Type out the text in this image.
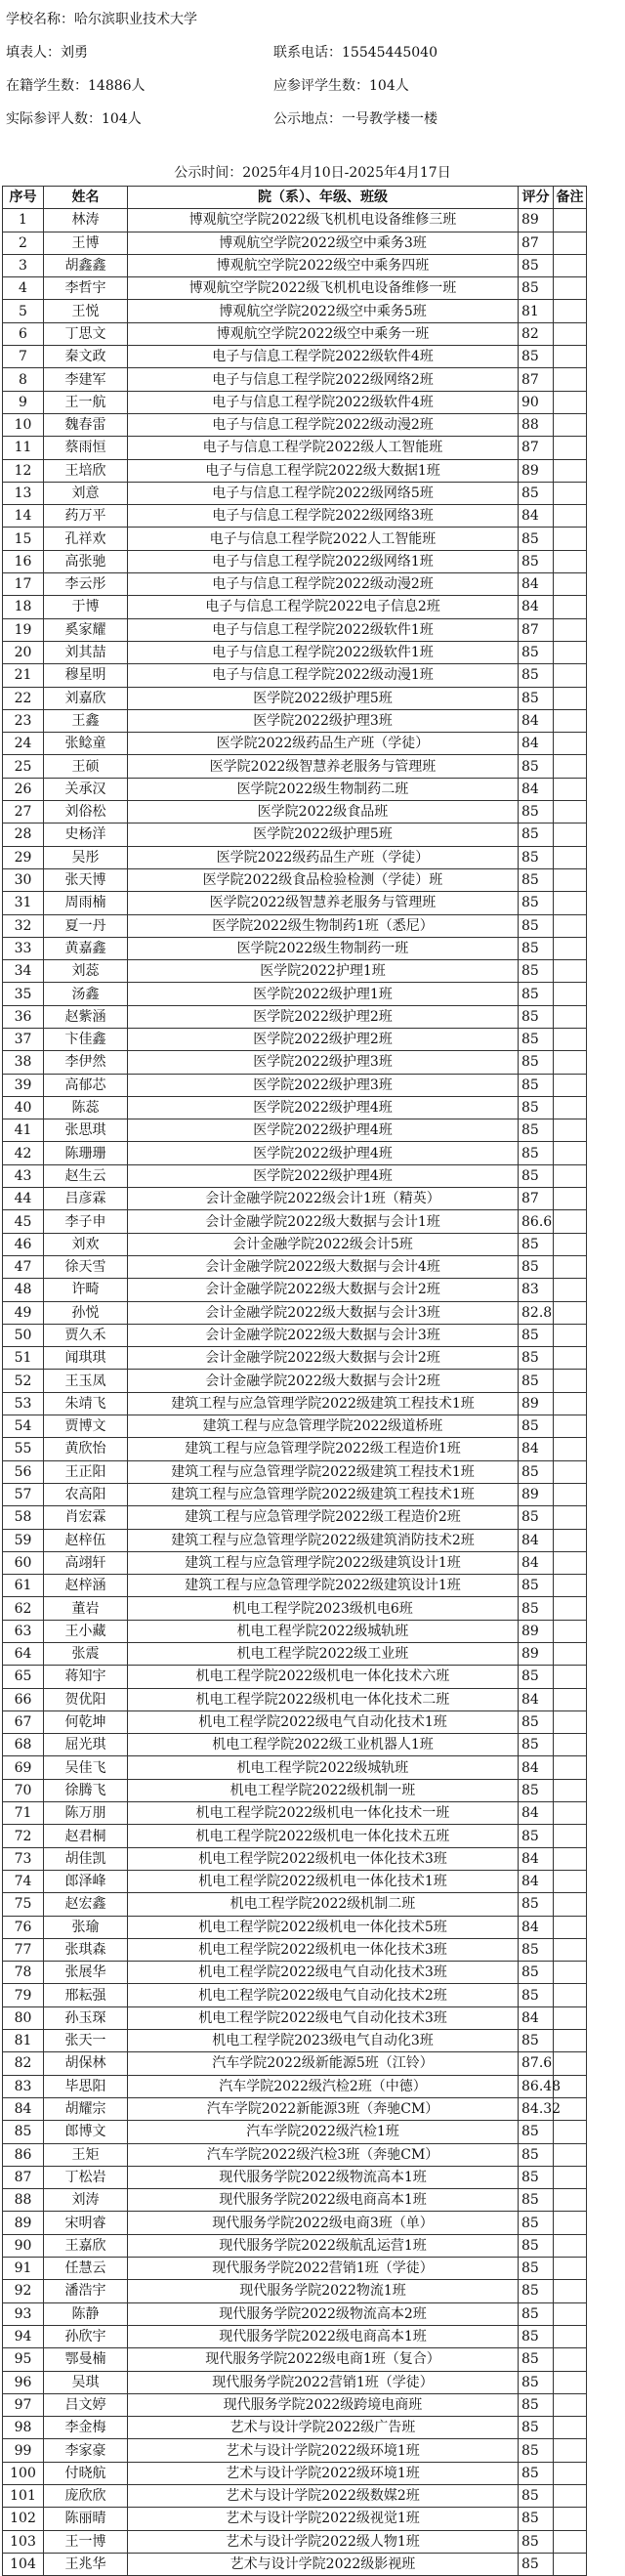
学校名称：哈尔滨职业技术大学
填表人：刘勇	联系电话：15545445040
在籍学生数：14886人	应参评学生数：104人
实际参评人数：104人	公示地点：一号教学楼一楼
公示时间：2025年4月10日-2025年4月17日
序号	姓名	院（系）、年级、班级	评分	备注
1	林涛	博观航空学院2022级飞机机电设备维修三班	89	
2	王博	博观航空学院2022级空中乘务3班	87	
3	胡鑫鑫	博观航空学院2022级空中乘务四班	85	
4	李哲宇	博观航空学院2022级飞机机电设备维修一班	85	
5	王悦	博观航空学院2022级空中乘务5班	81	
6	丁思文	博观航空学院2022级空中乘务一班	82	
7	秦文政	电子与信息工程学院2022级软件4班	85	
8	李建军	电子与信息工程学院2022级网络2班	87	
9	王一航	电子与信息工程学院2022级软件4班	90	
10	魏春雷	电子与信息工程学院2022级动漫2班	88	
11	蔡雨恒	电子与信息工程学院2022级人工智能班	87	
12	王培欣	电子与信息工程学院2022级大数据1班	89	
13	刘意	电子与信息工程学院2022级网络5班	85	
14	药万平	电子与信息工程学院2022级网络3班	84	
15	孔祥欢	电子与信息工程学院2022人工智能班	85	
16	高张驰	电子与信息工程学院2022级网络1班	85	
17	李云彤	电子与信息工程学院2022级动漫2班	84	
18	于博	电子与信息工程学院2022电子信息2班	84	
19	奚家耀	电子与信息工程学院2022级软件1班	87	
20	刘其喆	电子与信息工程学院2022级软件1班	85	
21	穆星明	电子与信息工程学院2022级动漫1班	85	
22	刘嘉欣	医学院2022级护理5班	85	
23	王鑫	医学院2022级护理3班	84	
24	张鲶童	医学院2022级药品生产班（学徒）	84	
25	王硕	医学院2022级智慧养老服务与管理班	85	
26	关承汉	医学院2022级生物制药二班	84	
27	刘俗松	医学院2022级食品班	85	
28	史杨洋	医学院2022级护理5班	85	
29	吴彤	医学院2022级药品生产班（学徒）	85	
30	张天博	医学院2022级食品检验检测（学徒）班	85	
31	周雨楠	医学院2022级智慧养老服务与管理班	85	
32	夏一丹	医学院2022级生物制药1班（悉尼）	85	
33	黄嘉鑫	医学院2022级生物制药一班	85	
34	刘蕊	医学院2022护理1班	85	
35	汤鑫	医学院2022级护理1班	85	
36	赵紫涵	医学院2022级护理2班	85	
37	卞佳鑫	医学院2022级护理2班	85	
38	李伊然	医学院2022级护理3班	85	
39	高郁芯	医学院2022级护理3班	85	
40	陈蕊	医学院2022级护理4班	85	
41	张思琪	医学院2022级护理4班	85	
42	陈珊珊	医学院2022级护理4班	85	
43	赵生云	医学院2022级护理4班	85	
44	吕彦霖	会计金融学院2022级会计1班（精英）	87	
45	李子申	会计金融学院2022级大数据与会计1班	86.6	
46	刘欢	会计金融学院2022级会计5班	85	
47	徐天雪	会计金融学院2022级大数据与会计4班	85	
48	许畸	会计金融学院2022级大数据与会计2班	83	
49	孙悦	会计金融学院2022级大数据与会计3班	82.8	
50	贾久禾	会计金融学院2022级大数据与会计3班	85	
51	闻琪琪	会计金融学院2022级大数据与会计2班	85	
52	王玉凤	会计金融学院2022级大数据与会计2班	85	
53	朱靖飞	建筑工程与应急管理学院2022级建筑工程技术1班	89	
54	贾博文	建筑工程与应急管理学院2022级道桥班	85	
55	黄欣怡	建筑工程与应急管理学院2022级工程造价1班	84	
56	王正阳	建筑工程与应急管理学院2022级建筑工程技术1班	85	
57	农高阳	建筑工程与应急管理学院2022级建筑工程技术1班	89	
58	肖宏霖	建筑工程与应急管理学院2022级工程造价2班	85	
59	赵梓伍	建筑工程与应急管理学院2022级建筑消防技术2班	84	
60	高翊轩	建筑工程与应急管理学院2022级建筑设计1班	84	
61	赵梓涵	建筑工程与应急管理学院2022级建筑设计1班	85	
62	董岩	机电工程学院2023级机电6班	85	
63	王小藏	机电工程学院2022级城轨班	89	
64	张震	机电工程学院2022级工业班	89	
65	蒋知宇	机电工程学院2022级机电一体化技术六班	85	
66	贺优阳	机电工程学院2022级机电一体化技术二班	84	
67	何乾坤	机电工程学院2022级电气自动化技术1班	85	
68	屈光琪	机电工程学院2022级工业机器人1班	85	
69	吴佳飞	机电工程学院2022级城轨班	84	
70	徐腾飞	机电工程学院2022级机制一班	85	
71	陈万朋	机电工程学院2022级机电一体化技术一班	84	
72	赵君桐	机电工程学院2022级机电一体化技术五班	85	
73	胡佳凯	机电工程学院2022级机电一体化技术3班	84	
74	郎泽峰	机电工程学院2022级机电一体化技术1班	84	
75	赵宏鑫	机电工程学院2022级机制二班	85	
76	张瑜	机电工程学院2022级机电一体化技术5班	84	
77	张琪森	机电工程学院2022级机电一体化技术3班	85	
78	张展华	机电工程学院2022级电气自动化技术3班	85	
79	邢耘强	机电工程学院2022级电气自动化技术2班	85	
80	孙玉琛	机电工程学院2022级电气自动化技术3班	84	
81	张天一	机电工程学院2023级电气自动化3班	85	
82	胡保林	汽车学院2022级新能源5班（江铃）	87.6	
83	毕思阳	汽车学院2022级汽检2班（中德）	86.48	
84	胡耀宗	汽车学院2022新能源3班（奔驰CM）	84.32	
85	郎博文	汽车学院2022级汽检1班	85	
86	王矩	汽车学院2022级汽检3班（奔驰CM）	85	
87	丁松岩	现代服务学院2022级物流高本1班	85	
88	刘涛	现代服务学院2022级电商高本1班	85	
89	宋明睿	现代服务学院2022级电商3班（单）	85	
90	王嘉欣	现代服务学院2022级航乱运营1班	85	
91	任慧云	现代服务学院2022营销1班（学徒）	85	
92	潘浩宇	现代服务学院2022物流1班	85	
93	陈静	现代服务学院2022级物流高本2班	85	
94	孙欣宇	现代服务学院2022级电商高本1班	85	
95	鄂曼楠	现代服务学院2022级电商1班（复合）	85	
96	吴琪	现代服务学院2022营销1班（学徒）	85	
97	吕文婷	现代服务学院2022级跨境电商班	85	
98	李金梅	艺术与设计学院2022级广告班	85	
99	李家豪	艺术与设计学院2022级环境1班	85	
100	付晓航	艺术与设计学院2022级环境1班	85	
101	庞欣欣	艺术与设计学院2022级数媒2班	85	
102	陈丽晴	艺术与设计学院2022级视觉1班	85	
103	王一博	艺术与设计学院2022级人物1班	85	
104	王兆华	艺术与设计学院2022级影视班	85	
